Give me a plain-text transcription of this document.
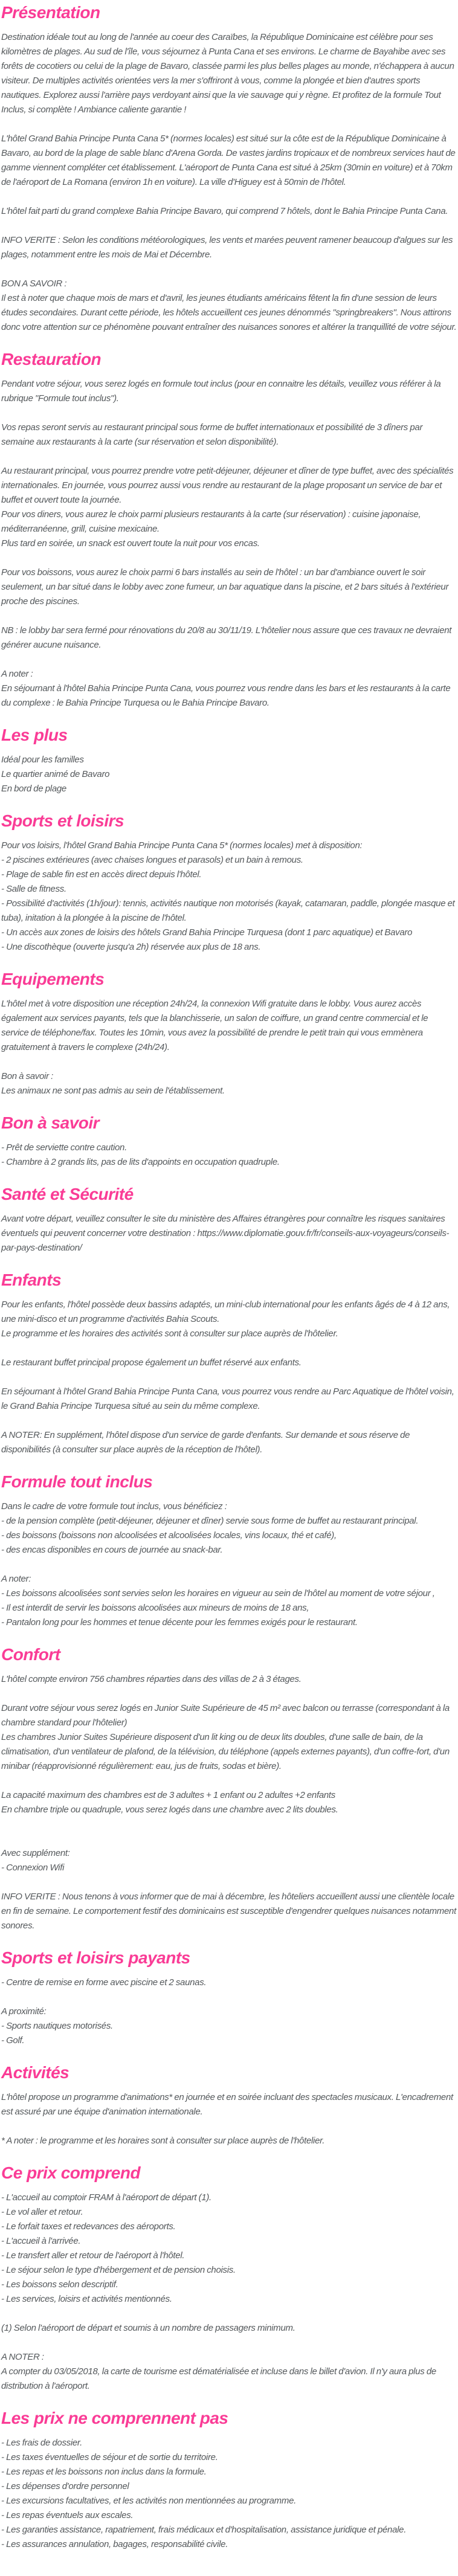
Présentation
Destination idéale tout au long de l'année au coeur des Caraïbes, la République Dominicaine est célèbre pour ses kilomètres de plages. Au sud de l'île, vous séjournez à Punta Cana et ses environs. Le charme de Bayahibe avec ses forêts de cocotiers ou celui de la plage de Bavaro, classée parmi les plus belles plages au monde, n'échappera à aucun visiteur. De multiples activités orientées vers la mer s'offriront à vous, comme la plongée et bien d'autres sports nautiques. Explorez aussi l'arrière pays verdoyant ainsi que la vie sauvage qui y règne. Et profitez de la formule Tout Inclus, si complète ! Ambiance caliente garantie !
L'hôtel Grand Bahia Principe Punta Cana 5* (normes locales) est situé sur la côte est de la République Dominicaine à Bavaro, au bord de la plage de sable blanc d'Arena Gorda. De vastes jardins tropicaux et de nombreux services haut de gamme viennent compléter cet établissement. L'aéroport de Punta Cana est situé à 25km (30min en voiture) et à 70km de l'aéroport de La Romana (environ 1h en voiture). La ville d'Higuey est à 50min de l'hôtel.
L'hôtel fait parti du grand complexe Bahia Principe Bavaro, qui comprend 7 hôtels, dont le Bahia Principe Punta Cana.
INFO VERITE : Selon les conditions météorologiques, les vents et marées peuvent ramener beaucoup d'algues sur les plages, notamment entre les mois de Mai et Décembre.
BON A SAVOIR :
Il est à noter que chaque mois de mars et d'avril, les jeunes étudiants américains fêtent la fin d'une session de leurs études secondaires. Durant cette période, les hôtels accueillent ces jeunes dénommés "springbreakers". Nous attirons donc votre attention sur ce phénomène pouvant entraîner des nuisances sonores et altérer la tranquillité de votre séjour.
Restauration
Pendant votre séjour, vous serez logés en formule tout inclus (pour en connaitre les détails, veuillez vous référer à la rubrique "Formule tout inclus").
Vos repas seront servis au restaurant principal sous forme de buffet internationaux et possibilité de 3 dîners par semaine aux restaurants à la carte (sur réservation et selon disponibilité).
Au restaurant principal, vous pourrez prendre votre petit-déjeuner, déjeuner et dîner de type buffet, avec des spécialités internationales. En journée, vous pourrez aussi vous rendre au restaurant de la plage proposant un service de bar et buffet et ouvert toute la journée.
Pour vos diners, vous aurez le choix parmi plusieurs restaurants à la carte (sur réservation) : cuisine japonaise, méditerranéenne, grill, cuisine mexicaine.
Plus tard en soirée, un snack est ouvert toute la nuit pour vos encas.
Pour vos boissons, vous aurez le choix parmi 6 bars installés au sein de l'hôtel : un bar d'ambiance ouvert le soir seulement, un bar situé dans le lobby avec zone fumeur, un bar aquatique dans la piscine, et 2 bars situés à l'extérieur proche des piscines.
NB : le lobby bar sera fermé pour rénovations du 20/8 au 30/11/19. L'hôtelier nous assure que ces travaux ne devraient générer aucune nuisance.
A noter :
En séjournant à l'hôtel Bahia Principe Punta Cana, vous pourrez vous rendre dans les bars et les restaurants à la carte du complexe : le Bahia Principe Turquesa ou le Bahia Principe Bavaro.
Les plus
Idéal pour les familles
Le quartier animé de Bavaro
En bord de plage
Sports et loisirs
Pour vos loisirs, l'hôtel Grand Bahia Principe Punta Cana 5* (normes locales) met à disposition:
- 2 piscines extérieures (avec chaises longues et parasols) et un bain à remous.
- Plage de sable fin est en accès direct depuis l'hôtel.
- Salle de fitness.
- Possibilité d'activités (1h/jour): tennis, activités nautique non motorisés (kayak, catamaran, paddle, plongée masque et tuba), initation à la plongée à la piscine de l'hôtel.
- Un accès aux zones de loisirs des hôtels Grand Bahia Principe Turquesa (dont 1 parc aquatique) et Bavaro
- Une discothèque (ouverte jusqu'a 2h) réservée aux plus de 18 ans.
Equipements
L'hôtel met à votre disposition une réception 24h/24, la connexion Wifi gratuite dans le lobby. Vous aurez accès également aux services payants, tels que la blanchisserie, un salon de coiffure, un grand centre commercial et le service de téléphone/fax. Toutes les 10min, vous avez la possibilité de prendre le petit train qui vous emmènera gratuitement à travers le complexe (24h/24).
Bon à savoir :
Les animaux ne sont pas admis au sein de l'établissement.
Bon à savoir
- Prêt de serviette contre caution.
- Chambre à 2 grands lits, pas de lits d'appoints en occupation quadruple.
Santé et Sécurité
Avant votre départ, veuillez consulter le site du ministère des Affaires étrangères pour connaître les risques sanitaires éventuels qui peuvent concerner votre destination : https://www.diplomatie.gouv.fr/fr/conseils-aux-voyageurs/conseils-par-pays-destination/
Enfants
Pour les enfants, l'hôtel possède deux bassins adaptés, un mini-club international pour les enfants âgés de 4 à 12 ans, une mini-disco et un programme d'activités Bahia Scouts.
Le programme et les horaires des activités sont à consulter sur place auprès de l'hôtelier.
Le restaurant buffet principal propose également un buffet réservé aux enfants.
En séjournant à l'hôtel Grand Bahia Principe Punta Cana, vous pourrez vous rendre au Parc Aquatique de l'hôtel voisin, le Grand Bahia Principe Turquesa situé au sein du même complexe.
A NOTER: En supplément, l'hôtel dispose d'un service de garde d'enfants. Sur demande et sous réserve de disponibilités (à consulter sur place auprès de la réception de l'hôtel).
Formule tout inclus
Dans le cadre de votre formule tout inclus, vous bénéficiez :
- de la pension complète (petit-déjeuner, déjeuner et dîner) servie sous forme de buffet au restaurant principal.
- des boissons (boissons non alcoolisées et alcoolisées locales, vins locaux, thé et café),
- des encas disponibles en cours de journée au snack-bar.
A noter:
- Les boissons alcoolisées sont servies selon les horaires en vigueur au sein de l'hôtel au moment de votre séjour ,
- Il est interdit de servir les boissons alcoolisées aux mineurs de moins de 18 ans,
- Pantalon long pour les hommes et tenue décente pour les femmes exigés pour le restaurant.
Confort
L'hôtel compte environ 756 chambres réparties dans des villas de 2 à 3 étages.
Durant votre séjour vous serez logés en Junior Suite Supérieure de 45 m² avec balcon ou terrasse (correspondant à la chambre standard pour l'hôtelier)
Les chambres Junior Suites Supérieure disposent d'un lit king ou de deux lits doubles, d'une salle de bain, de la climatisation, d'un ventilateur de plafond, de la télévision, du téléphone (appels externes payants), d'un coffre-fort, d'un minibar (réapprovisionné régulièrement: eau, jus de fruits, sodas et bière).
La capacité maximum des chambres est de 3 adultes + 1 enfant ou 2 adultes +2 enfants
En chambre triple ou quadruple, vous serez logés dans une chambre avec 2 lits doubles.
Avec supplément:
- Connexion Wifi
INFO VERITE : Nous tenons à vous informer que de mai à décembre, les hôteliers accueillent aussi une clientèle locale en fin de semaine. Le comportement festif des dominicains est susceptible d'engendrer quelques nuisances notamment sonores.
Sports et loisirs payants
- Centre de remise en forme avec piscine et 2 saunas.
A proximité:
- Sports nautiques motorisés.
- Golf.
Activités
L'hôtel propose un programme d'animations* en journée et en soirée incluant des spectacles musicaux. L'encadrement est assuré par une équipe d'animation internationale.
* A noter : le programme et les horaires sont à consulter sur place auprès de l'hôtelier.
Ce prix comprend
- L'accueil au comptoir FRAM à l'aéroport de départ (1).
- Le vol aller et retour.
- Le forfait taxes et redevances des aéroports.
- L'accueil à l'arrivée.
- Le transfert aller et retour de l'aéroport à l'hôtel.
- Le séjour selon le type d'hébergement et de pension choisis.
- Les boissons selon descriptif.
- Les services, loisirs et activités mentionnés.
(1) Selon l'aéroport de départ et soumis à un nombre de passagers minimum.
A NOTER :
A compter du 03/05/2018, la carte de tourisme est dématérialisée et incluse dans le billet d'avion. Il n'y aura plus de distribution à l'aéroport.
Les prix ne comprennent pas
- Les frais de dossier.
- Les taxes éventuelles de séjour et de sortie du territoire.
- Les repas et les boissons non inclus dans la formule.
- Les dépenses d'ordre personnel
- Les excursions facultatives, et les activités non mentionnées au programme.
- Les repas éventuels aux escales.
- Les garanties assistance, rapatriement, frais médicaux et d'hospitalisation, assistance juridique et pénale.
- Les assurances annulation, bagages, responsabilité civile.
